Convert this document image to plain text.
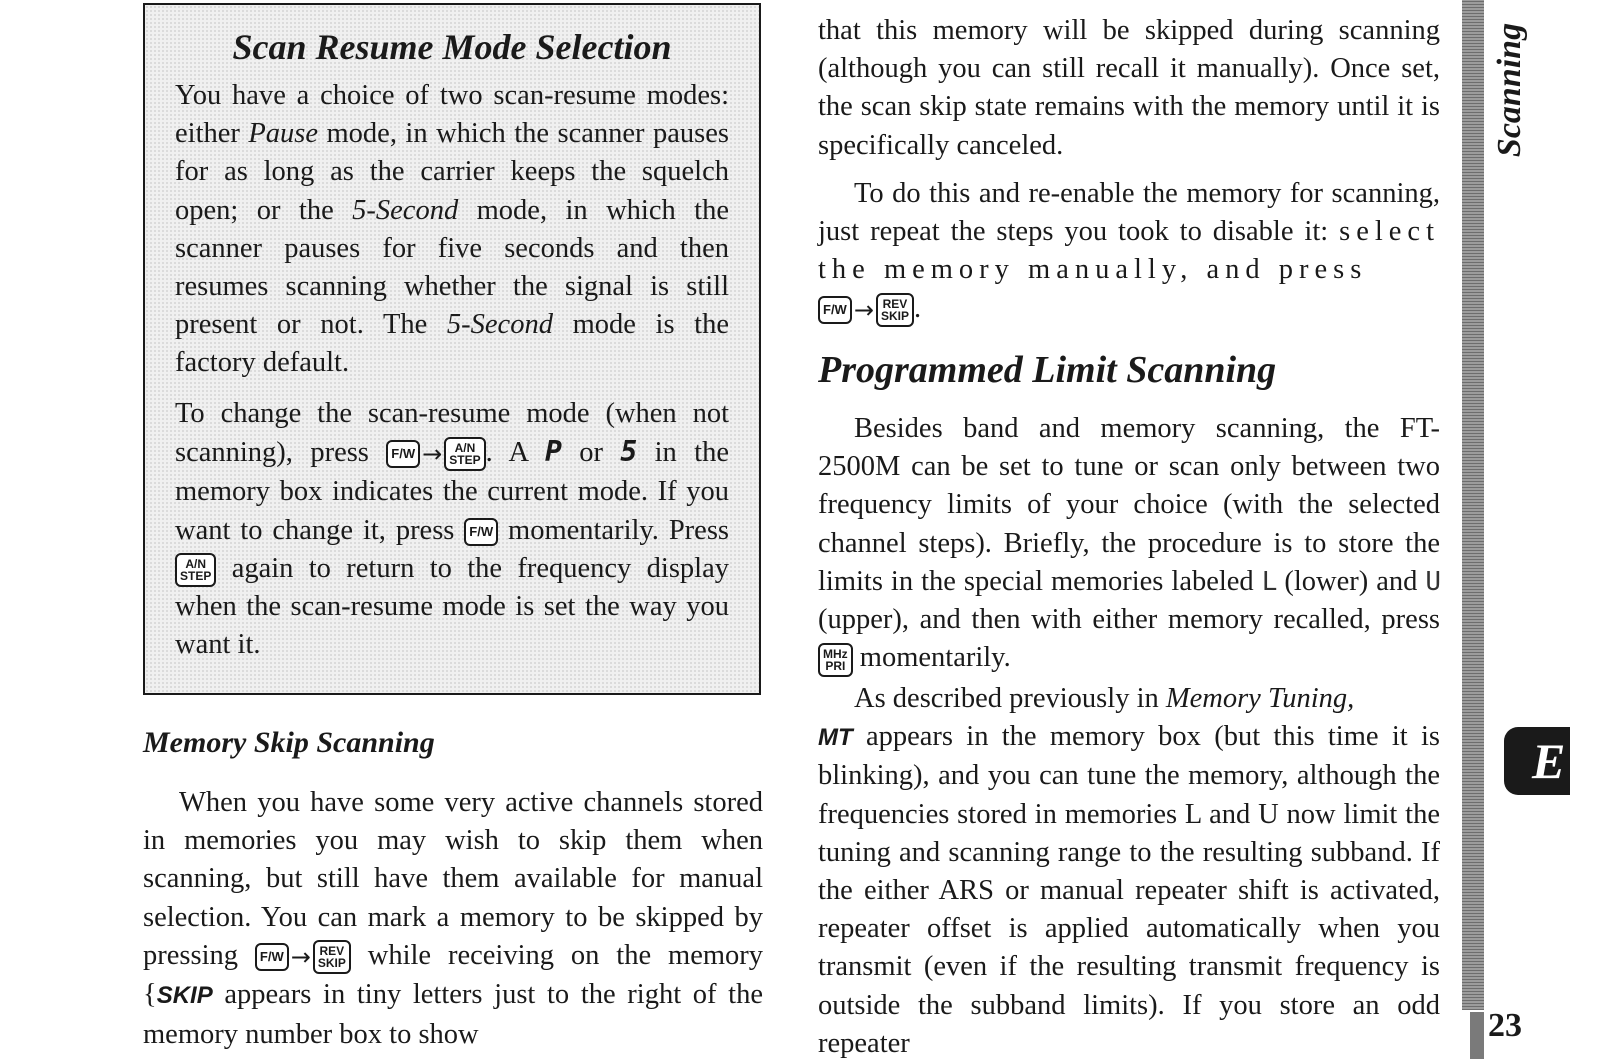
Scan Resume Mode Selection

You have a choice of two scan-resume modes: either Pause mode, in which the scanner pauses for as long as the carrier keeps the squelch open; or the 5-Second mode, in which the scanner pauses for five seconds and then resumes scanning whether the signal is still present or not. The 5-Second mode is the factory default.

To change the scan-resume mode (when not scanning), press F/W →	A/N
STEP . A P or 5 in the memory box indicates the current mode. If you want to change it, press F/W momentarily. Press
A/N
STEP again to return to the frequency display when the scan-resume mode is set the way you want it.

Memory Skip Scanning

When you have some very active channels stored in memories you may wish to skip them when scanning, but still have them available for manual selection. You can mark a memory to be skipped by pressing F/W → REV
SKIP while receiving on the memory {SKIP appears in tiny letters just to the right of the memory number box to show

that this memory will be skipped during scanning (although you can still recall it manually). Once set, the scan skip state remains with the memory until it is specifically canceled.

To do this and re-enable the memory for scanning, just repeat the steps you took to disable it: select the memory manually, and press
F/W → REV
SKIP .

Programmed Limit Scanning

Besides band and memory scanning, the FT-2500M can be set to tune or scan only between two frequency limits of your choice (with the selected channel steps). Briefly, the procedure is to store the limits in the special memories labeled L (lower) and U (upper), and then with either memory recalled, press
MHz
PRI momentarily.

As described previously in Memory Tuning,
MT appears in the memory box (but this time it is blinking), and you can tune the memory, although the frequencies stored in memories L and U now limit the tuning and scanning range to the resulting subband. If the either ARS or manual repeater shift is activated, repeater offset is applied automatically when you transmit (even if the resulting transmit frequency is outside the subband limits). If you store an odd repeater

Scanning
E
23
